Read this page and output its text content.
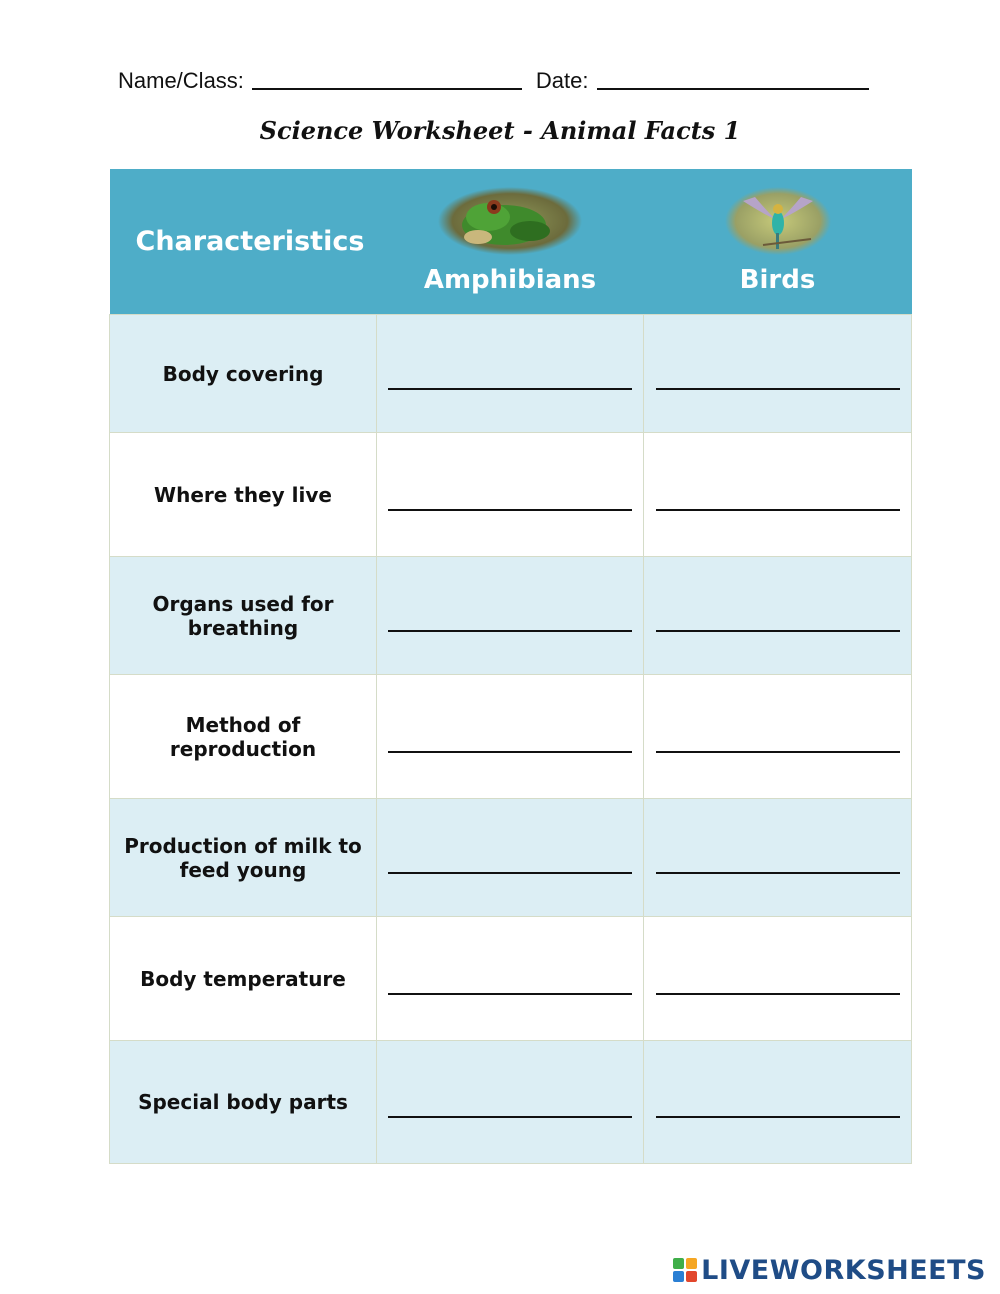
Name/Class:	Date:
Science Worksheet - Animal Facts 1
Characteristics	Amphibians	Birds

Body covering	

Where they live	

Organs used for breathing	

Method of reproduction	

Production of milk to feed young	

Body temperature	

Special body parts	

LIVEWORKSHEETS
